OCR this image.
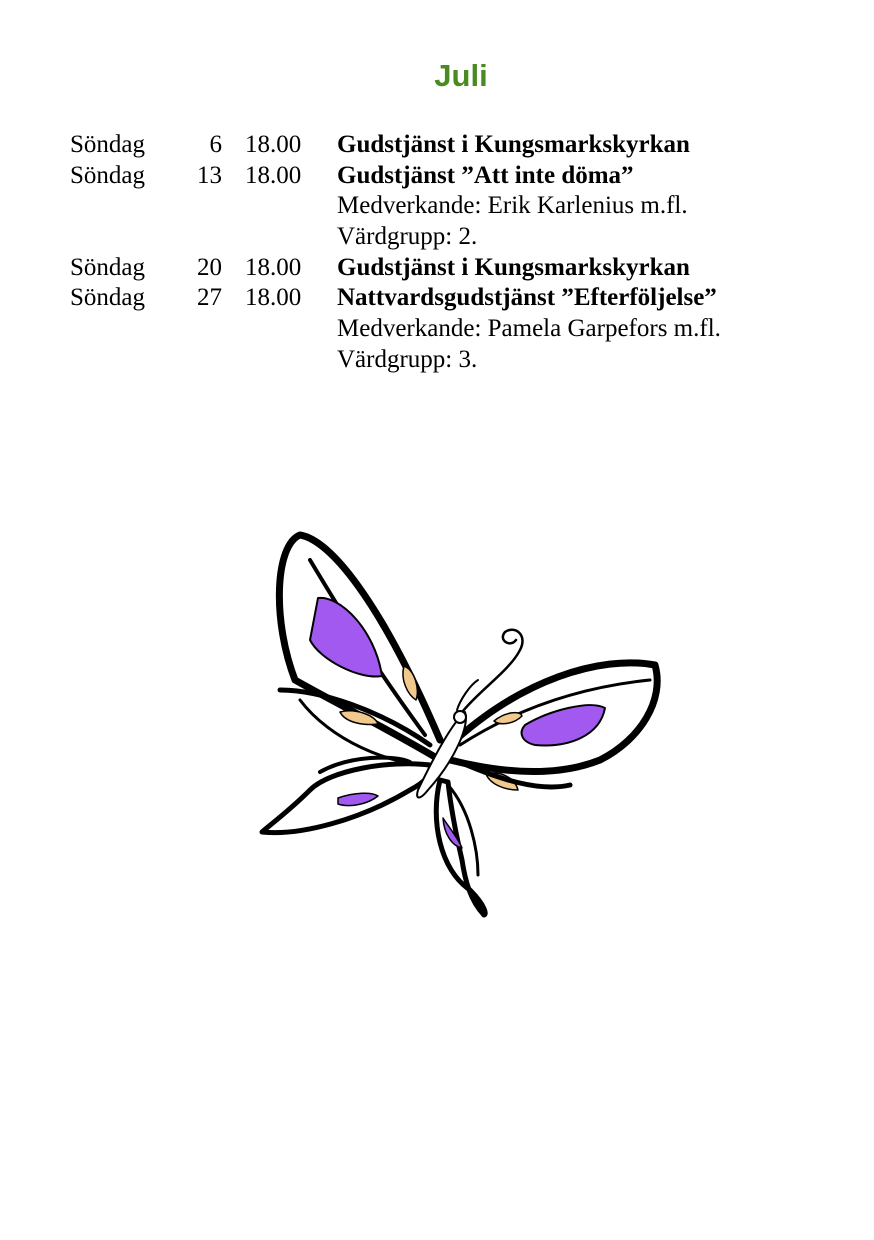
Juli
Söndag	6 18.00 Gudstjänst i Kungsmarkskyrkan
Söndag	13 18.00 Gudstjänst ”Att inte döma”
Medverkande: Erik Karlenius m.fl.
Värdgrupp: 2.
Söndag	20 18.00 Gudstjänst i Kungsmarkskyrkan
Söndag	27 18.00 Nattvardsgudstjänst ”Efterföljelse”
Medverkande: Pamela Garpefors m.fl.
Värdgrupp: 3.
